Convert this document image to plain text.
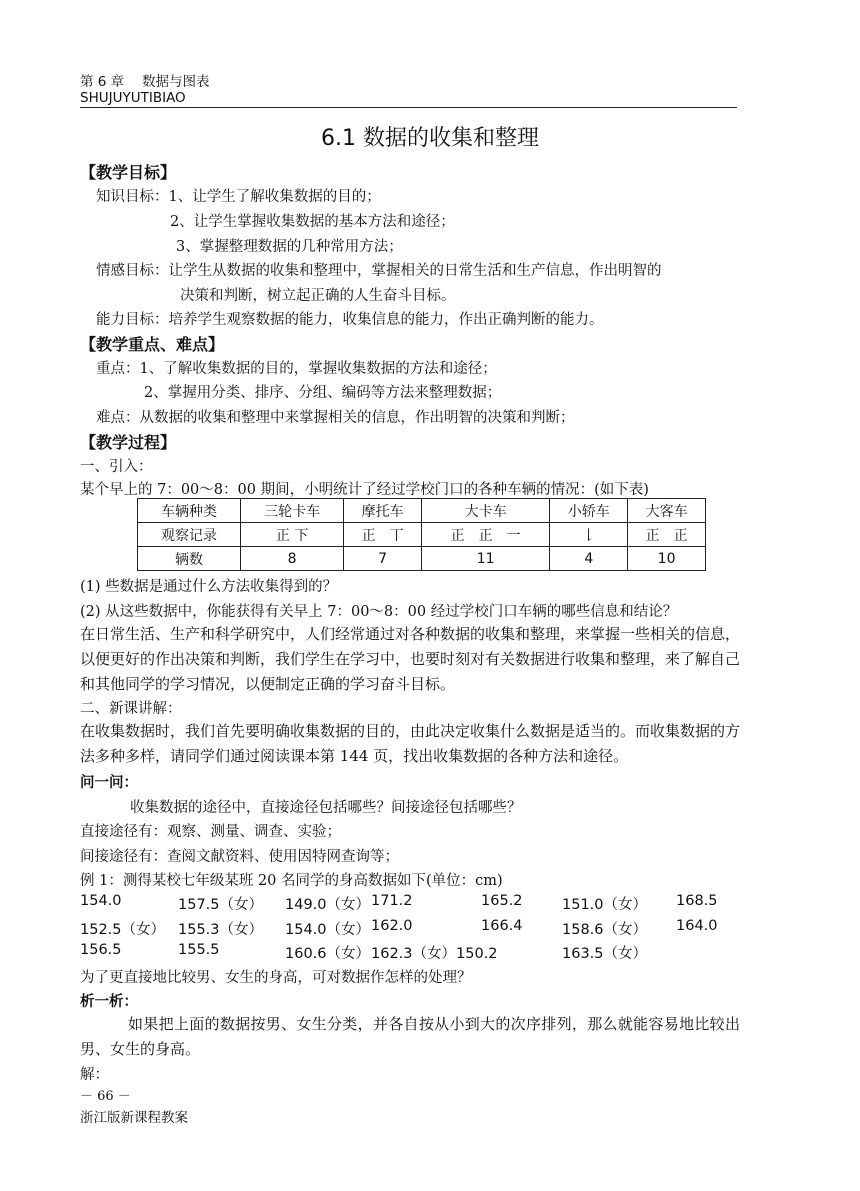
第 6 章　 数据与图表
SHUJUYUTIBIAO
6.1 数据的收集和整理
【教学目标】
知识目标：1、让学生了解收集数据的目的；
2、让学生掌握收集数据的基本方法和途径；
3、掌握整理数据的几种常用方法；
情感目标：让学生从数据的收集和整理中，掌握相关的日常生活和生产信息，作出明智的
决策和判断，树立起正确的人生奋斗目标。
能力目标：培养学生观察数据的能力，收集信息的能力，作出正确判断的能力。
【教学重点、难点】
重点：1、了解收集数据的目的，掌握收集数据的方法和途径；
2、掌握用分类、排序、分组、编码等方法来整理数据；
难点：从数据的收集和整理中来掌握相关的信息，作出明智的决策和判断；
【教学过程】
一、引入：
某个早上的 7：00～8：00 期间，小明统计了经过学校门口的各种车辆的情况：(如下表)
车辆种类	三轮卡车	摩托车	大卡车	小轿车	大客车
观察记录	正 下	正　丅	正　正　一	𠄌	正　正
辆数	8	7	11	4	10
(1) 些数据是通过什么方法收集得到的？
(2) 从这些数据中，你能获得有关早上 7：00～8：00 经过学校门口车辆的哪些信息和结论？
在日常生活、生产和科学研究中，人们经常通过对各种数据的收集和整理，来掌握一些相关的信息，以便更好的作出决策和判断，我们学生在学习中，也要时刻对有关数据进行收集和整理，来了解自己和其他同学的学习情况，以便制定正确的学习奋斗目标。
二、新课讲解：
在收集数据时，我们首先要明确收集数据的目的，由此决定收集什么数据是适当的。而收集数据的方法多种多样，请同学们通过阅读课本第 144 页，找出收集数据的各种方法和途径。
问一问：
收集数据的途径中，直接途径包括哪些？间接途径包括哪些？
直接途径有：观察、测量、调查、实验；
间接途径有：查阅文献资料、使用因特网查询等；
例 1：测得某校七年级某班 20 名同学的身高数据如下(单位：cm)
154.0	157.5（女） 149.0（女） 171.2	165.2	151.0（女） 168.5
152.5（女） 155.3（女） 154.0（女） 162.0	166.4	158.6（女） 164.0
156.5	155.5	160.6（女） 162.3（女）150.2	163.5（女）
为了更直接地比较男、女生的身高，可对数据作怎样的处理？
析一析：
如果把上面的数据按男、女生分类，并各自按从小到大的次序排列，那么就能容易地比较出男、女生的身高。
解：
－ 66 －
浙江版新课程教案
